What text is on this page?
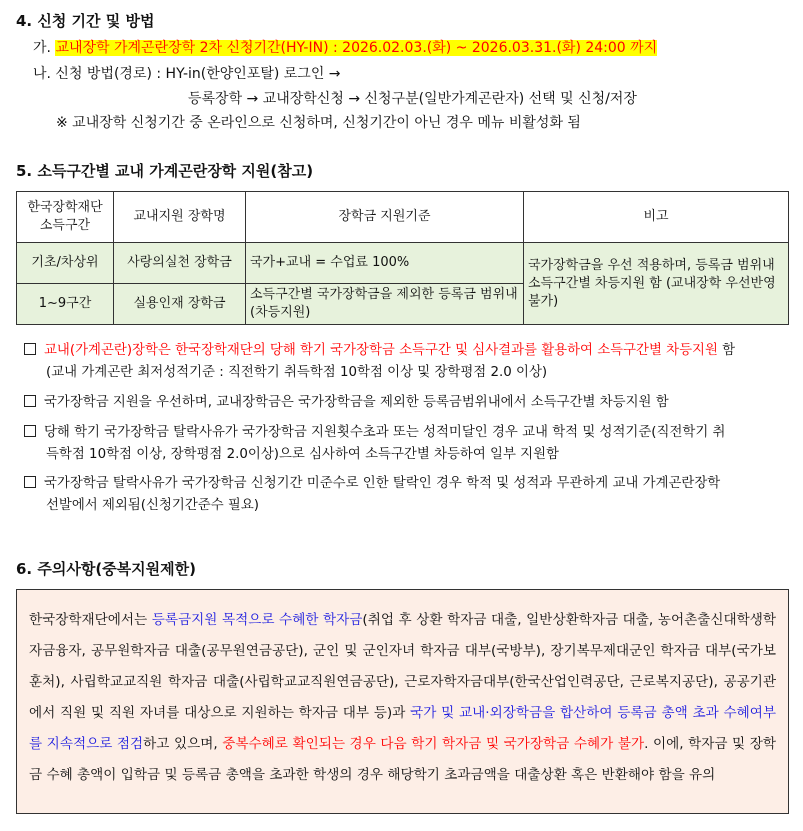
4. 신청 기간 및 방법
가. 교내장학 가계곤란장학 2차 신청기간(HY-IN) : 2026.02.03.(화) ~ 2026.03.31.(화) 24:00 까지
나. 신청 방법(경로) : HY-in(한양인포탈) 로그인 →
등록장학 → 교내장학신청 → 신청구분(일반가계곤란자) 선택 및 신청/저장
※ 교내장학 신청기간 중 온라인으로 신청하며, 신청기간이 아닌 경우 메뉴 비활성화 됨
5. 소득구간별 교내 가계곤란장학 지원(참고)
한국장학재단 소득구간	교내지원 장학명	장학금 지원기준	비고
기초/차상위	사랑의실천 장학금	국가+교내 = 수업료 100%	국가장학금을 우선 적용하며, 등록금 범위내 소득구간별 차등지원 함 (교내장학 우선반영 불가)
1~9구간	실용인재 장학금	소득구간별 국가장학금을 제외한 등록금 범위내(차등지원)	
교내(가계곤란)장학은 한국장학재단의 당해 학기 국가장학금 소득구간 및 심사결과를 활용하여 소득구간별 차등지원 함
(교내 가계곤란 최저성적기준 : 직전학기 취득학점 10학점 이상 및 장학평점 2.0 이상)
국가장학금 지원을 우선하며, 교내장학금은 국가장학금을 제외한 등록금범위내에서 소득구간별 차등지원 함
당해 학기 국가장학금 탈락사유가 국가장학금 지원횟수초과 또는 성적미달인 경우 교내 학적 및 성적기준(직전학기 취
득학점 10학점 이상, 장학평점 2.0이상)으로 심사하여 소득구간별 차등하여 일부 지원함
국가장학금 탈락사유가 국가장학금 신청기간 미준수로 인한 탈락인 경우 학적 및 성적과 무관하게 교내 가계곤란장학
선발에서 제외됨(신청기간준수 필요)
6. 주의사항(중복지원제한)

한국장학재단에서는 등록금지원 목적으로 수혜한 학자금(취업 후 상환 학자금 대출, 일반상환학자금 대출, 농어촌출신대학생학자금융자, 공무원학자금 대출(공무원연금공단), 군인 및 군인자녀 학자금 대부(국방부), 장기복무제대군인 학자금 대부(국가보훈처), 사립학교교직원 학자금 대출(사립학교교직원연금공단), 근로자학자금대부(한국산업인력공단, 근로복지공단), 공공기관에서 직원 및 직원 자녀를 대상으로 지원하는 학자금 대부 등)과 국가 및 교내·외장학금을 합산하여 등록금 총액 초과 수혜여부를 지속적으로 점검하고 있으며, 중복수혜로 확인되는 경우 다음 학기 학자금 및 국가장학금 수혜가 불가. 이에, 학자금 및 장학금 수혜 총액이 입학금 및 등록금 총액을 초과한 학생의 경우 해당학기 초과금액을 대출상환 혹은 반환해야 함을 유의
